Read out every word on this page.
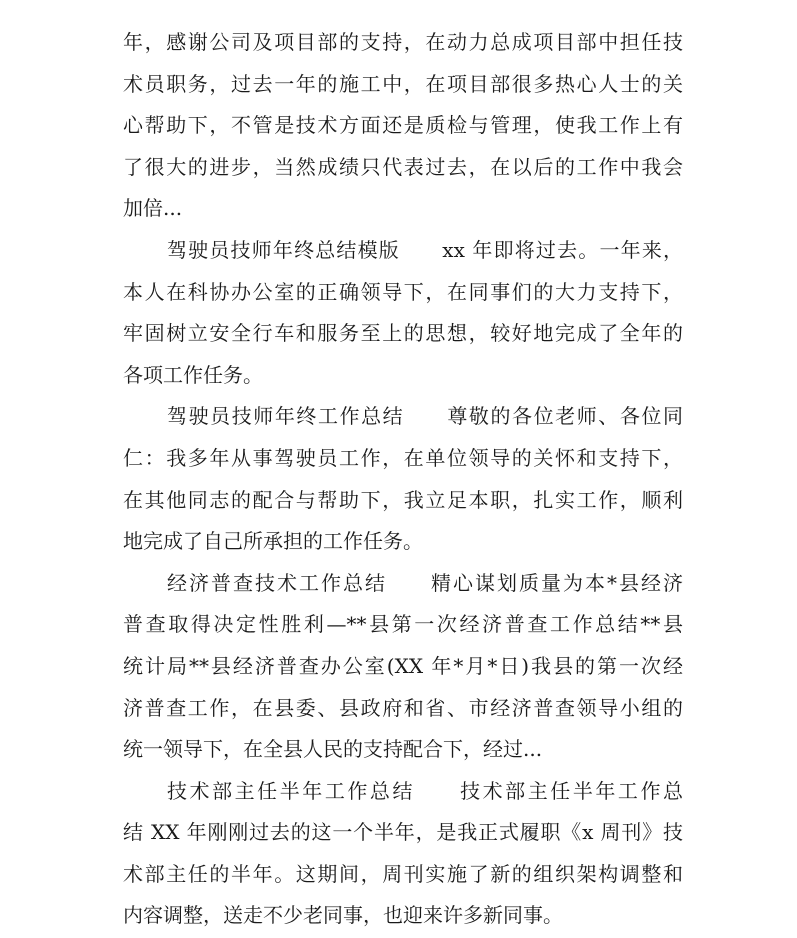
年，感谢公司及项目部的支持，在动力总成项目部中担任技
术员职务，过去一年的施工中，在项目部很多热心人士的关
心帮助下，不管是技术方面还是质检与管理，使我工作上有
了很大的进步，当然成绩只代表过去，在以后的工作中我会
加倍...
驾驶员技师年终总结模版　　xx 年即将过去。一年来，
本人在科协办公室的正确领导下，在同事们的大力支持下，
牢固树立安全行车和服务至上的思想，较好地完成了全年的
各项工作任务。
驾驶员技师年终工作总结　　尊敬的各位老师、各位同
仁：我多年从事驾驶员工作，在单位领导的关怀和支持下，
在其他同志的配合与帮助下，我立足本职，扎实工作，顺利
地完成了自己所承担的工作任务。
经济普查技术工作总结　　精心谋划质量为本*县经济
普查取得决定性胜利—**县第一次经济普查工作总结**县
统计局**县经济普查办公室(XX 年*月*日)我县的第一次经
济普查工作，在县委、县政府和省、市经济普查领导小组的
统一领导下，在全县人民的支持配合下，经过...
技术部主任半年工作总结　　技术部主任半年工作总
结 XX 年刚刚过去的这一个半年，是我正式履职《x 周刊》技
术部主任的半年。这期间，周刊实施了新的组织架构调整和
内容调整，送走不少老同事，也迎来许多新同事。
